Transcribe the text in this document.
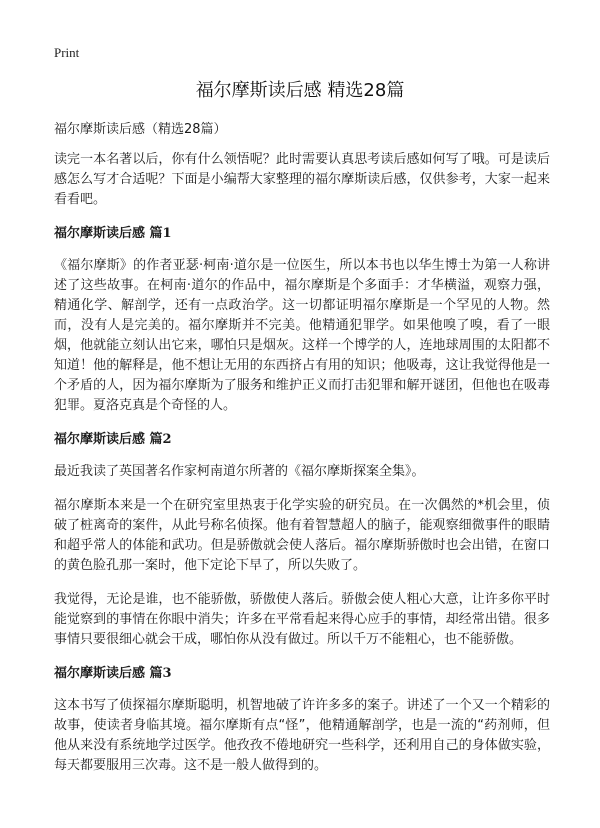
Print
福尔摩斯读后感 精选28篇

福尔摩斯读后感（精选28篇）

读完一本名著以后，你有什么领悟呢？此时需要认真思考读后感如何写了哦。可是读后感怎么写才合适呢？下面是小编帮大家整理的福尔摩斯读后感，仅供参考，大家一起来看看吧。

福尔摩斯读后感 篇1

《福尔摩斯》的作者亚瑟·柯南·道尔是一位医生，所以本书也以华生博士为第一人称讲述了这些故事。在柯南·道尔的作品中，福尔摩斯是个多面手：才华横溢，观察力强，精通化学、解剖学，还有一点政治学。这一切都证明福尔摩斯是一个罕见的人物。然而，没有人是完美的。福尔摩斯并不完美。他精通犯罪学。如果他嗅了嗅，看了一眼烟，他就能立刻认出它来，哪怕只是烟灰。这样一个博学的人，连地球周围的太阳都不知道！他的解释是，他不想让无用的东西挤占有用的知识；他吸毒，这让我觉得他是一个矛盾的人，因为福尔摩斯为了服务和维护正义而打击犯罪和解开谜团，但他也在吸毒犯罪。夏洛克真是个奇怪的人。

福尔摩斯读后感 篇2

最近我读了英国著名作家柯南道尔所著的《福尔摩斯探案全集》。

福尔摩斯本来是一个在研究室里热衷于化学实验的研究员。在一次偶然的*机会里，侦破了桩离奇的案件，从此号称名侦探。他有着智慧超人的脑子，能观察细微事件的眼睛和超乎常人的体能和武功。但是骄傲就会使人落后。福尔摩斯骄傲时也会出错，在窗口的黄色脸孔那一案时，他下定论下早了，所以失败了。

我觉得，无论是谁，也不能骄傲，骄傲使人落后。骄傲会使人粗心大意，让许多你平时能觉察到的事情在你眼中消失；许多在平常看起来得心应手的事情，却经常出错。很多事情只要很细心就会干成，哪怕你从没有做过。所以千万不能粗心，也不能骄傲。

福尔摩斯读后感 篇3

这本书写了侦探福尔摩斯聪明，机智地破了许许多多的案子。讲述了一个又一个精彩的故事，使读者身临其境。福尔摩斯有点“怪”，他精通解剖学，也是一流的“药剂师，但他从来没有系统地学过医学。他孜孜不倦地研究一些科学，还利用自己的身体做实验，每天都要服用三次毒。这不是一般人做得到的。
